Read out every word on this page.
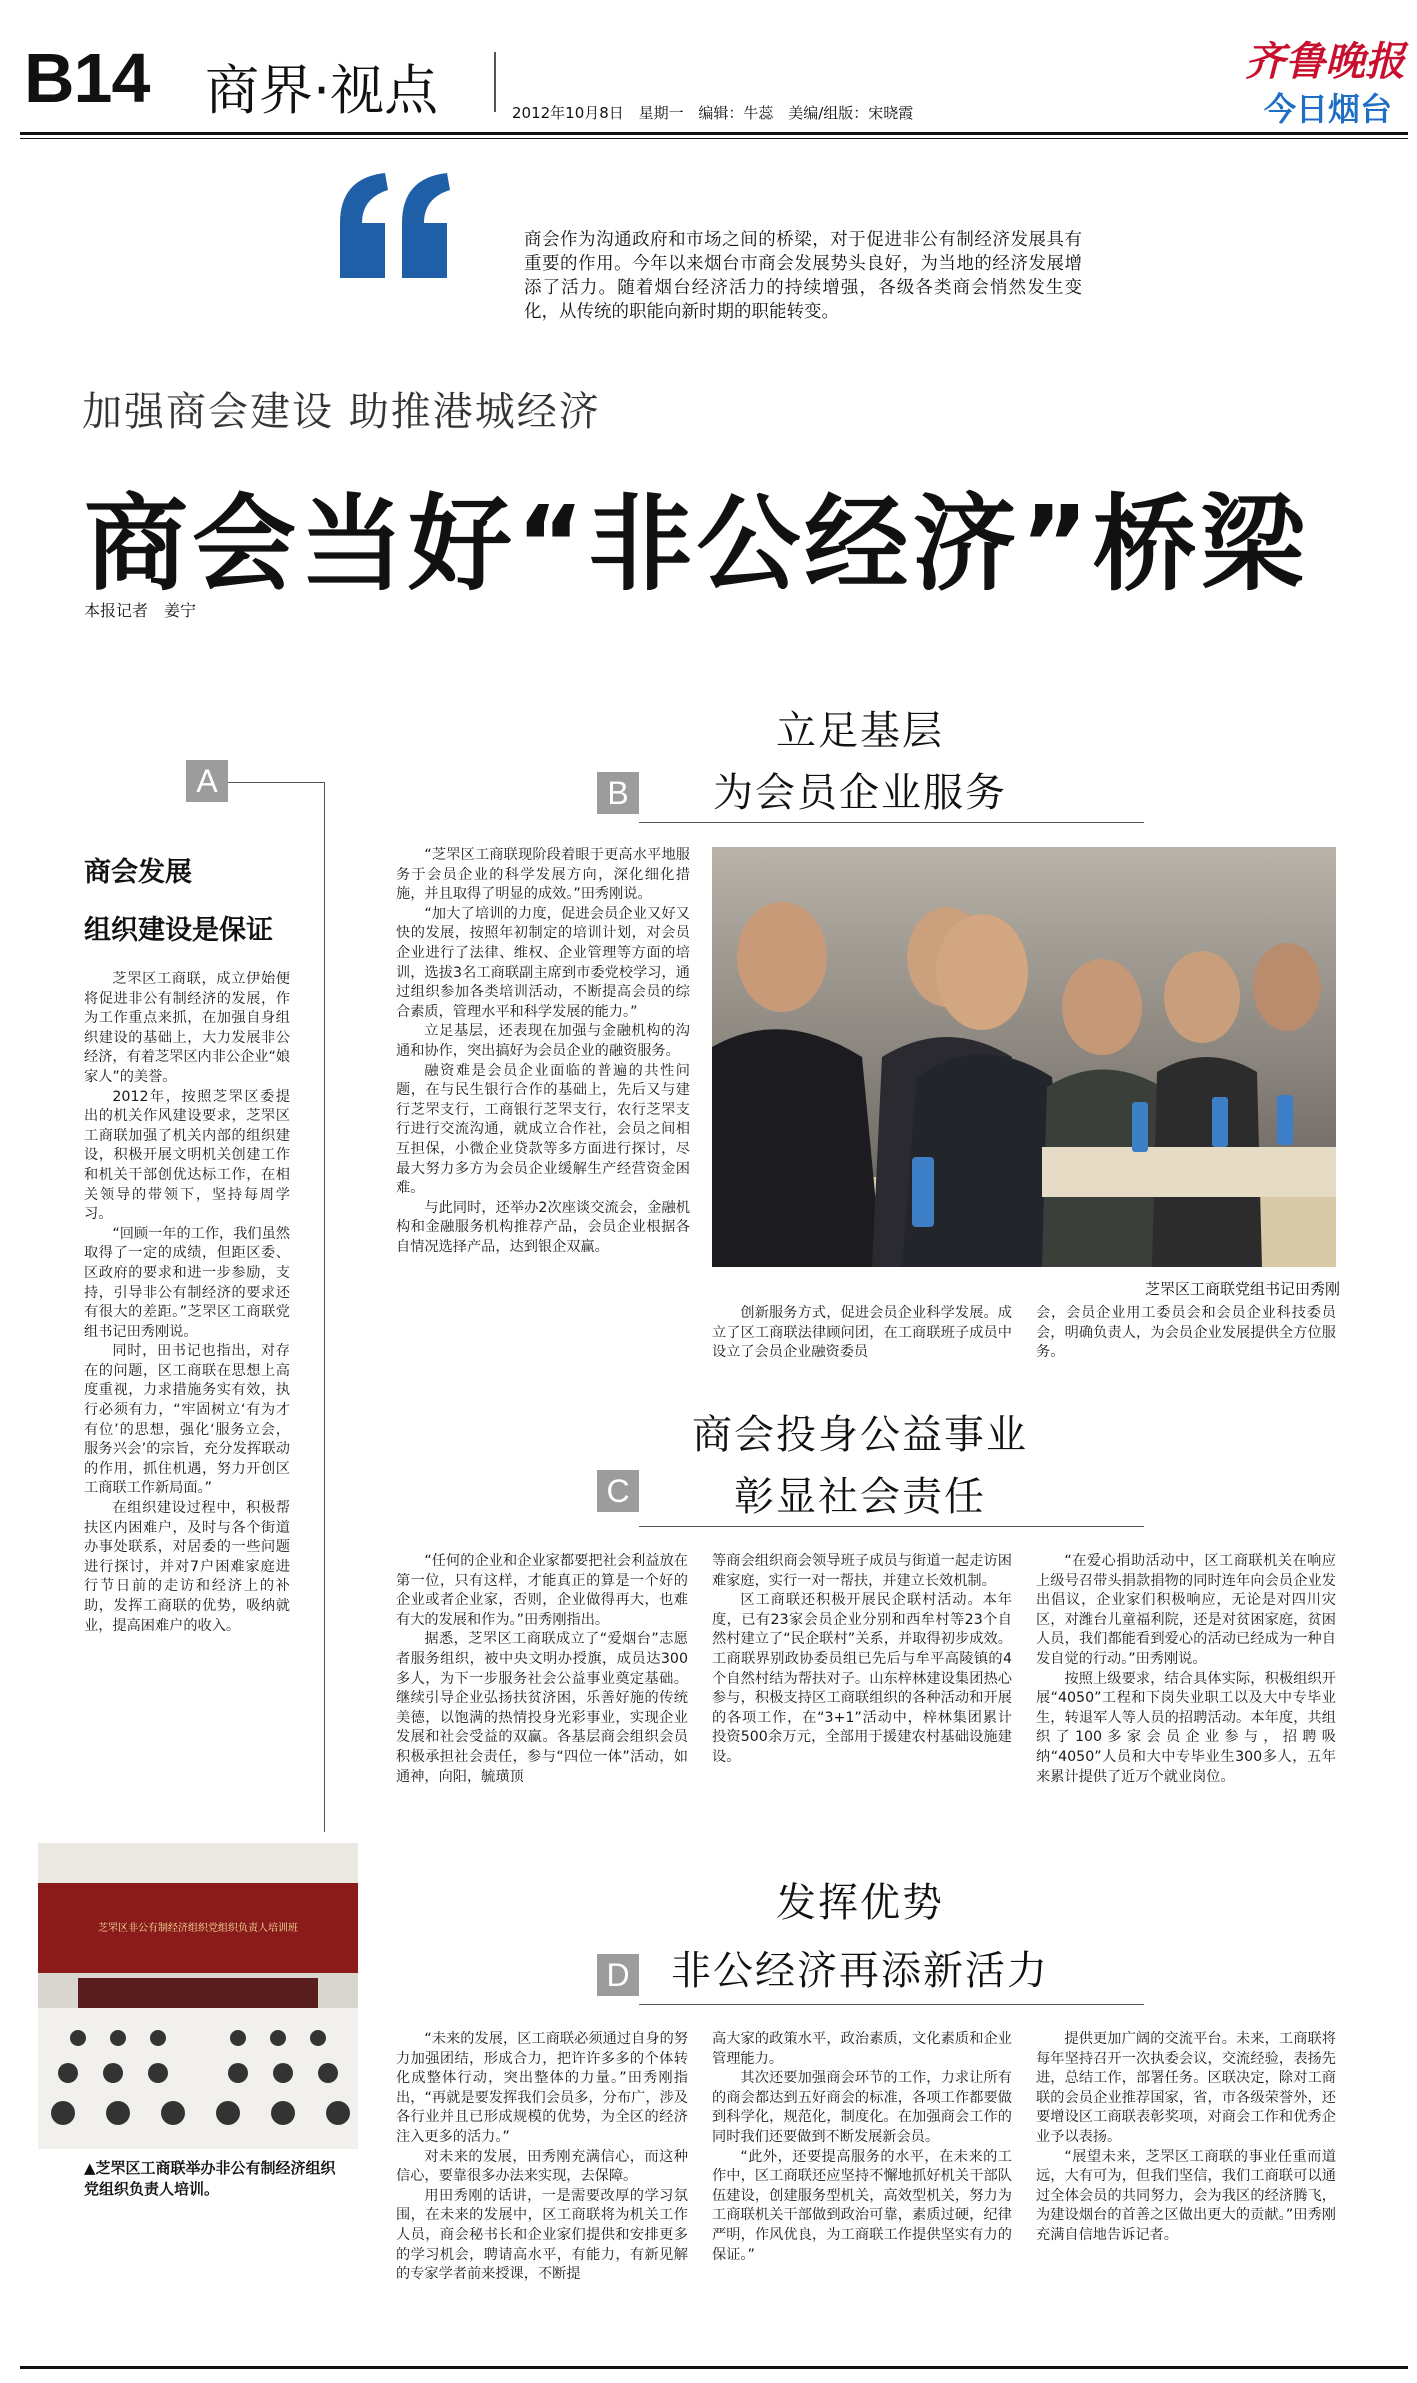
B14 商界·视点	2012年10月8日 星期一 编辑：牛蕊 美编/组版：宋晓霞
齐鲁晚报
今日烟台
商会作为沟通政府和市场之间的桥梁，对于促进非公有制经济发展具有重要的作用。今年以来烟台市商会发展势头良好，为当地的经济发展增添了活力。随着烟台经济活力的持续增强，各级各类商会悄然发生变化，从传统的职能向新时期的职能转变。
加强商会建设 助推港城经济
商会当好“非公经济”桥梁
本报记者　姜宁
A
商会发展
组织建设是保证

芝罘区工商联，成立伊始便将促进非公有制经济的发展，作为工作重点来抓，在加强自身组织建设的基础上，大力发展非公经济，有着芝罘区内非公企业“娘家人”的美誉。

2012年，按照芝罘区委提出的机关作风建设要求，芝罘区工商联加强了机关内部的组织建设，积极开展文明机关创建工作和机关干部创优达标工作，在相关领导的带领下，坚持每周学习。

“回顾一年的工作，我们虽然取得了一定的成绩，但距区委、区政府的要求和进一步参励，支持，引导非公有制经济的要求还有很大的差距。”芝罘区工商联党组书记田秀刚说。

同时，田书记也指出，对存在的问题，区工商联在思想上高度重视，力求措施务实有效，执行必须有力，“牢固树立‘有为才有位’的思想，强化‘服务立会，服务兴会’的宗旨，充分发挥联动的作用，抓住机遇，努力开创区工商联工作新局面。”

在组织建设过程中，积极帮扶区内困难户，及时与各个街道办事处联系，对居委的一些问题进行探讨，并对7户困难家庭进行节日前的走访和经济上的补助，发挥工商联的优势，吸纳就业，提高困难户的收入。

芝罘区非公有制经济组织党组织负责人培训班
▲芝罘区工商联举办非公有制经济组织党组织负责人培训。
立足基层
B	为会员企业服务

“芝罘区工商联现阶段着眼于更高水平地服务于会员企业的科学发展方向，深化细化措施，并且取得了明显的成效。”田秀刚说。

“加大了培训的力度，促进会员企业又好又快的发展，按照年初制定的培训计划，对会员企业进行了法律、维权、企业管理等方面的培训，选拔3名工商联副主席到市委党校学习，通过组织参加各类培训活动，不断提高会员的综合素质，管理水平和科学发展的能力。”

立足基层，还表现在加强与金融机构的沟通和协作，突出搞好为会员企业的融资服务。

融资难是会员企业面临的普遍的共性问题，在与民生银行合作的基础上，先后又与建行芝罘支行，工商银行芝罘支行，农行芝罘支行进行交流沟通，就成立合作社，会员之间相互担保，小微企业贷款等多方面进行探讨，尽最大努力多方为会员企业缓解生产经营资金困难。

与此同时，还举办2次座谈交流会，金融机构和金融服务机构推荐产品，会员企业根据各自情况选择产品，达到银企双赢。

芝罘区工商联党组书记田秀刚

创新服务方式，促进会员企业科学发展。成立了区工商联法律顾问团，在工商联班子成员中设立了会员企业融资委员

会，会员企业用工委员会和会员企业科技委员会，明确负责人，为会员企业发展提供全方位服务。

商会投身公益事业
C	彰显社会责任

“任何的企业和企业家都要把社会利益放在第一位，只有这样，才能真正的算是一个好的企业或者企业家，否则，企业做得再大，也难有大的发展和作为。”田秀刚指出。

据悉，芝罘区工商联成立了“爱烟台”志愿者服务组织，被中央文明办授旗，成员达300多人，为下一步服务社会公益事业奠定基础。继续引导企业弘扬扶贫济困，乐善好施的传统美德，以饱满的热情投身光彩事业，实现企业发展和社会受益的双赢。各基层商会组织会员积极承担社会责任，参与“四位一体”活动，如通神，向阳，毓璜顶

等商会组织商会领导班子成员与街道一起走访困难家庭，实行一对一帮扶，并建立长效机制。

区工商联还积极开展民企联村活动。本年度，已有23家会员企业分别和西牟村等23个自然村建立了“民企联村”关系，并取得初步成效。工商联界别政协委员组已先后与牟平高陵镇的4个自然村结为帮扶对子。山东梓林建设集团热心参与，积极支持区工商联组织的各种活动和开展的各项工作，在“3+1”活动中，梓林集团累计投资500余万元，全部用于援建农村基础设施建设。

“在爱心捐助活动中，区工商联机关在响应上级号召带头捐款捐物的同时连年向会员企业发出倡议，企业家们积极响应，无论是对四川灾区，对潍台儿童福利院，还是对贫困家庭，贫困人员，我们都能看到爱心的活动已经成为一种自发自觉的行动。”田秀刚说。

按照上级要求，结合具体实际，积极组织开展“4050”工程和下岗失业职工以及大中专毕业生，转退军人等人员的招聘活动。本年度，共组织了100多家会员企业参与，招聘吸纳“4050”人员和大中专毕业生300多人，五年来累计提供了近万个就业岗位。

发挥优势
D	非公经济再添新活力

“未来的发展，区工商联必须通过自身的努力加强团结，形成合力，把许许多多的个体转化成整体行动，突出整体的力量。”田秀刚指出，“再就是要发挥我们会员多，分布广，涉及各行业并且已形成规模的优势，为全区的经济注入更多的活力。”

对未来的发展，田秀刚充满信心，而这种信心，要靠很多办法来实现，去保障。

用田秀刚的话讲，一是需要改厚的学习氛围，在未来的发展中，区工商联将为机关工作人员，商会秘书长和企业家们提供和安排更多的学习机会，聘请高水平，有能力，有新见解的专家学者前来授课，不断提

高大家的政策水平，政治素质，文化素质和企业管理能力。

其次还要加强商会环节的工作，力求让所有的商会都达到五好商会的标准，各项工作都要做到科学化，规范化，制度化。在加强商会工作的同时我们还要做到不断发展新会员。

“此外，还要提高服务的水平，在未来的工作中，区工商联还应坚持不懈地抓好机关干部队伍建设，创建服务型机关，高效型机关，努力为工商联机关干部做到政治可靠，素质过硬，纪律严明，作风优良，为工商联工作提供坚实有力的保证。”

提供更加广阔的交流平台。未来，工商联将每年坚持召开一次执委会议，交流经验，表扬先进，总结工作，部署任务。区联决定，除对工商联的会员企业推荐国家，省，市各级荣誉外，还要增设区工商联表彰奖项，对商会工作和优秀企业予以表扬。

“展望未来，芝罘区工商联的事业任重而道远，大有可为，但我们坚信，我们工商联可以通过全体会员的共同努力，会为我区的经济腾飞，为建设烟台的首善之区做出更大的贡献。”田秀刚充满自信地告诉记者。
